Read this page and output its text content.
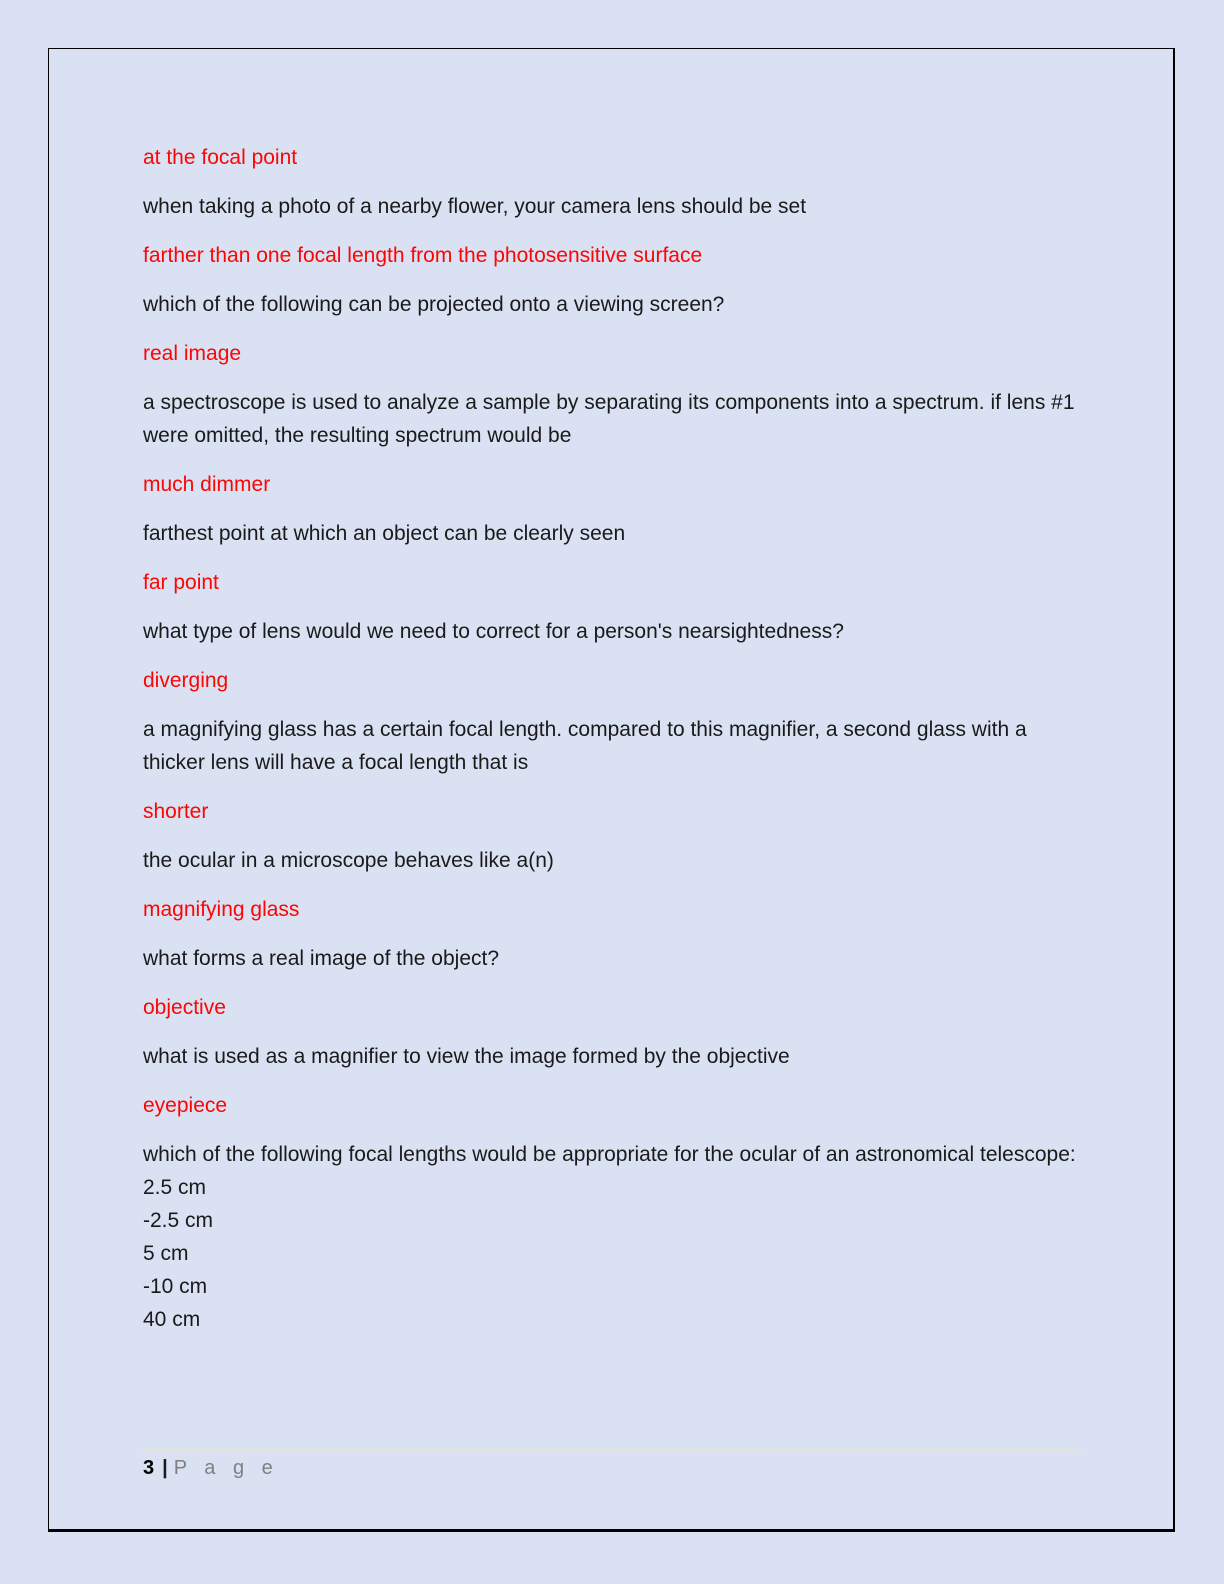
at the focal point

when taking a photo of a nearby flower, your camera lens should be set

farther than one focal length from the photosensitive surface

which of the following can be projected onto a viewing screen?

real image

a spectroscope is used to analyze a sample by separating its components into a spectrum. if lens #1 were omitted, the resulting spectrum would be

much dimmer

farthest point at which an object can be clearly seen

far point

what type of lens would we need to correct for a person's nearsightedness?

diverging

a magnifying glass has a certain focal length. compared to this magnifier, a second glass with a thicker lens will have a focal length that is

shorter

the ocular in a microscope behaves like a(n)

magnifying glass

what forms a real image of the object?

objective

what is used as a magnifier to view the image formed by the objective

eyepiece

which of the following focal lengths would be appropriate for the ocular of an astronomical telescope:
2.5 cm
-2.5 cm
5 cm
-10 cm
40 cm

3 | P a g e
